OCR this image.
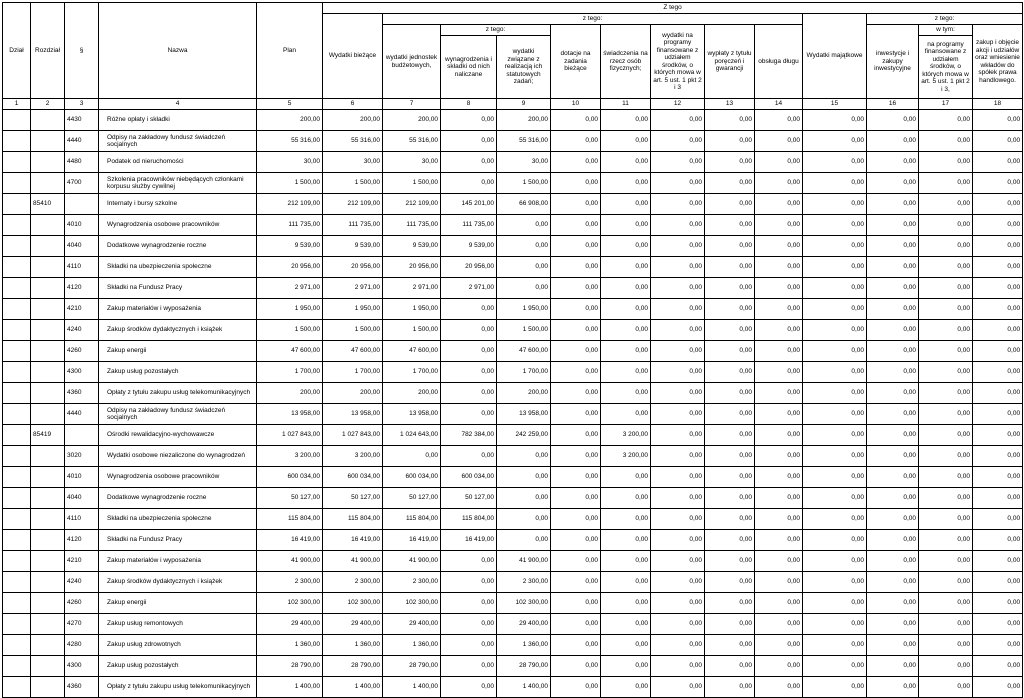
Dział	Rozdział	§	Nazwa	Plan	Z tego												
					Wydatki bieżące	z tego:								Wydatki majątkowe	z tego:		
						wydatki jednostek budżetowych,	z tego:		dotacje na zadania bieżące	świadczenia na rzecz osób fizycznych;	wydatki na programy finansowane z udziałem środków, o których mowa w art. 5 ust. 1 pkt 2 i 3	wypłaty z tytułu poręczeń i gwarancji	obsługa długu		inwestycje i zakupy inwestycyjne	w tym:	zakup i objęcie akcji i udziałów oraz wniesienie wkładów do spółek prawa handlowego.
							wynagrodzenia i składki od nich naliczane	wydatki związane z realizacją ich statutowych zadań;								na programy finansowane z udziałem środków, o których mowa w art. 5 ust. 1 pkt 2 i 3,	
1	2	3	4	5	6	7	8	9	10	11	12	13	14	15	16	17	18
		4430	Różne opłaty i składki	200,00	200,00	200,00	0,00	200,00	0,00	0,00	0,00	0,00	0,00	0,00	0,00	0,00	0,00
		4440	Odpisy na zakładowy fundusz świadczeń socjalnych	55 316,00	55 316,00	55 316,00	0,00	55 316,00	0,00	0,00	0,00	0,00	0,00	0,00	0,00	0,00	0,00
		4480	Podatek od nieruchomości	30,00	30,00	30,00	0,00	30,00	0,00	0,00	0,00	0,00	0,00	0,00	0,00	0,00	0,00
		4700	Szkolenia pracowników niebędących członkami korpusu służby cywilnej	1 500,00	1 500,00	1 500,00	0,00	1 500,00	0,00	0,00	0,00	0,00	0,00	0,00	0,00	0,00	0,00
	85410		Internaty i bursy szkolne	212 109,00	212 109,00	212 109,00	145 201,00	66 908,00	0,00	0,00	0,00	0,00	0,00	0,00	0,00	0,00	0,00
		4010	Wynagrodzenia osobowe pracowników	111 735,00	111 735,00	111 735,00	111 735,00	0,00	0,00	0,00	0,00	0,00	0,00	0,00	0,00	0,00	0,00
		4040	Dodatkowe wynagrodzenie roczne	9 539,00	9 539,00	9 539,00	9 539,00	0,00	0,00	0,00	0,00	0,00	0,00	0,00	0,00	0,00	0,00
		4110	Składki na ubezpieczenia społeczne	20 956,00	20 956,00	20 956,00	20 956,00	0,00	0,00	0,00	0,00	0,00	0,00	0,00	0,00	0,00	0,00
		4120	Składki na Fundusz Pracy	2 971,00	2 971,00	2 971,00	2 971,00	0,00	0,00	0,00	0,00	0,00	0,00	0,00	0,00	0,00	0,00
		4210	Zakup materiałów i wyposażenia	1 950,00	1 950,00	1 950,00	0,00	1 950,00	0,00	0,00	0,00	0,00	0,00	0,00	0,00	0,00	0,00
		4240	Zakup środków dydaktycznych i książek	1 500,00	1 500,00	1 500,00	0,00	1 500,00	0,00	0,00	0,00	0,00	0,00	0,00	0,00	0,00	0,00
		4260	Zakup energii	47 600,00	47 600,00	47 600,00	0,00	47 600,00	0,00	0,00	0,00	0,00	0,00	0,00	0,00	0,00	0,00
		4300	Zakup usług pozostałych	1 700,00	1 700,00	1 700,00	0,00	1 700,00	0,00	0,00	0,00	0,00	0,00	0,00	0,00	0,00	0,00
		4360	Opłaty z tytułu zakupu usług telekomunikacyjnych	200,00	200,00	200,00	0,00	200,00	0,00	0,00	0,00	0,00	0,00	0,00	0,00	0,00	0,00
		4440	Odpisy na zakładowy fundusz świadczeń socjalnych	13 958,00	13 958,00	13 958,00	0,00	13 958,00	0,00	0,00	0,00	0,00	0,00	0,00	0,00	0,00	0,00
	85419		Ośrodki rewalidacyjno-wychowawcze	1 027 843,00	1 027 843,00	1 024 643,00	782 384,00	242 259,00	0,00	3 200,00	0,00	0,00	0,00	0,00	0,00	0,00	0,00
		3020	Wydatki osobowe niezaliczone do wynagrodzeń	3 200,00	3 200,00	0,00	0,00	0,00	0,00	3 200,00	0,00	0,00	0,00	0,00	0,00	0,00	0,00
		4010	Wynagrodzenia osobowe pracowników	600 034,00	600 034,00	600 034,00	600 034,00	0,00	0,00	0,00	0,00	0,00	0,00	0,00	0,00	0,00	0,00
		4040	Dodatkowe wynagrodzenie roczne	50 127,00	50 127,00	50 127,00	50 127,00	0,00	0,00	0,00	0,00	0,00	0,00	0,00	0,00	0,00	0,00
		4110	Składki na ubezpieczenia społeczne	115 804,00	115 804,00	115 804,00	115 804,00	0,00	0,00	0,00	0,00	0,00	0,00	0,00	0,00	0,00	0,00
		4120	Składki na Fundusz Pracy	16 419,00	16 419,00	16 419,00	16 419,00	0,00	0,00	0,00	0,00	0,00	0,00	0,00	0,00	0,00	0,00
		4210	Zakup materiałów i wyposażenia	41 900,00	41 900,00	41 900,00	0,00	41 900,00	0,00	0,00	0,00	0,00	0,00	0,00	0,00	0,00	0,00
		4240	Zakup środków dydaktycznych i książek	2 300,00	2 300,00	2 300,00	0,00	2 300,00	0,00	0,00	0,00	0,00	0,00	0,00	0,00	0,00	0,00
		4260	Zakup energii	102 300,00	102 300,00	102 300,00	0,00	102 300,00	0,00	0,00	0,00	0,00	0,00	0,00	0,00	0,00	0,00
		4270	Zakup usług remontowych	29 400,00	29 400,00	29 400,00	0,00	29 400,00	0,00	0,00	0,00	0,00	0,00	0,00	0,00	0,00	0,00
		4280	Zakup usług zdrowotnych	1 360,00	1 360,00	1 360,00	0,00	1 360,00	0,00	0,00	0,00	0,00	0,00	0,00	0,00	0,00	0,00
		4300	Zakup usług pozostałych	28 790,00	28 790,00	28 790,00	0,00	28 790,00	0,00	0,00	0,00	0,00	0,00	0,00	0,00	0,00	0,00
		4360	Opłaty z tytułu zakupu usług telekomunikacyjnych	1 400,00	1 400,00	1 400,00	0,00	1 400,00	0,00	0,00	0,00	0,00	0,00	0,00	0,00	0,00	0,00
